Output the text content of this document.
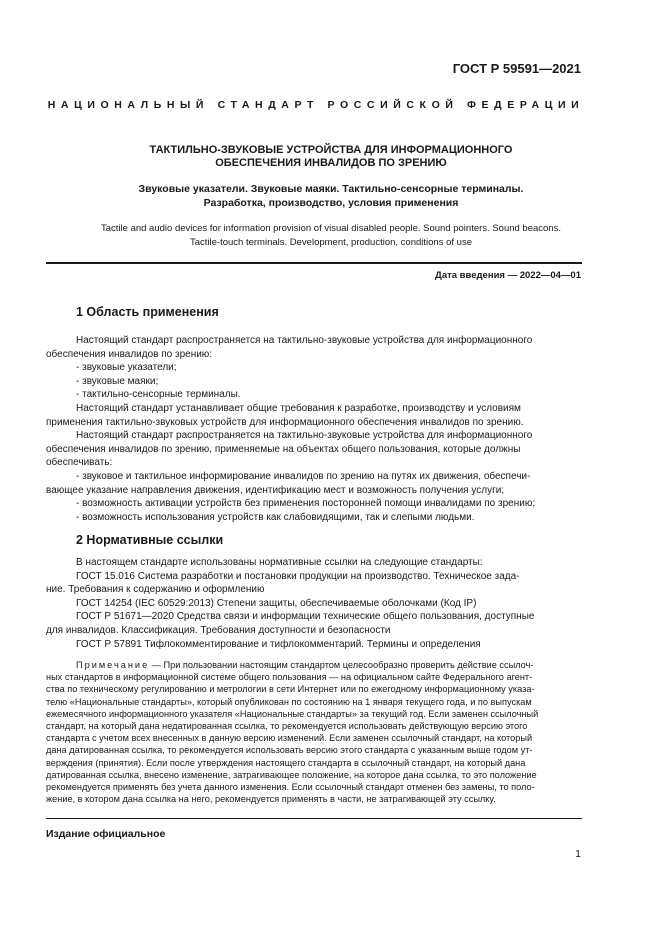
ГОСТ Р 59591—2021
НАЦИОНАЛЬНЫЙ СТАНДАРТ РОССИЙСКОЙ ФЕДЕРАЦИИ
ТАКТИЛЬНО-ЗВУКОВЫЕ УСТРОЙСТВА ДЛЯ ИНФОРМАЦИОННОГО
ОБЕСПЕЧЕНИЯ ИНВАЛИДОВ ПО ЗРЕНИЮ
Звуковые указатели. Звуковые маяки. Тактильно-сенсорные терминалы.
Разработка, производство, условия применения
Tactile and audio devices for information provision of visual disabled people. Sound pointers. Sound beacons.
Tactile-touch terminals. Development, production, conditions of use
Дата введения — 2022—04—01
1 Область применения
Настоящий стандарт распространяется на тактильно-звуковые устройства для информационного
обеспечения инвалидов по зрению:
- звуковые указатели;
- звуковые маяки;
- тактильно-сенсорные терминалы.
Настоящий стандарт устанавливает общие требования к разработке, производству и условиям
применения тактильно-звуковых устройств для информационного обеспечения инвалидов по зрению.
Настоящий стандарт распространяется на тактильно-звуковые устройства для информационного
обеспечения инвалидов по зрению, применяемые на объектах общего пользования, которые должны
обеспечивать:
- звуковое и тактильное информирование инвалидов по зрению на путях их движения, обеспечи-
вающее указание направления движения, идентификацию мест и возможность получения услуги;
- возможность активации устройств без применения посторонней помощи инвалидами по зрению;
- возможность использования устройств как слабовидящими, так и слепыми людьми.
2 Нормативные ссылки
В настоящем стандарте использованы нормативные ссылки на следующие стандарты:
ГОСТ 15.016 Система разработки и постановки продукции на производство. Техническое зада-
ние. Требования к содержанию и оформлению
ГОСТ 14254 (IEC 60529:2013) Степени защиты, обеспечиваемые оболочками (Код IP)
ГОСТ Р 51671—2020 Средства связи и информации технические общего пользования, доступные
для инвалидов. Классификация. Требования доступности и безопасности
ГОСТ Р 57891 Тифлокомментирование и тифлокомментарий. Термины и определения
Примечание — При пользовании настоящим стандартом целесообразно проверить действие ссылоч-
ных стандартов в информационной системе общего пользования — на официальном сайте Федерального агент-
ства по техническому регулированию и метрологии в сети Интернет или по ежегодному информационному указа-
телю «Национальные стандарты», который опубликован по состоянию на 1 января текущего года, и по выпускам
ежемесячного информационного указателя «Национальные стандарты» за текущий год. Если заменен ссылочный
стандарт, на который дана недатированная ссылка, то рекомендуется использовать действующую версию этого
стандарта с учетом всех внесенных в данную версию изменений. Если заменен ссылочный стандарт, на который
дана датированная ссылка, то рекомендуется использовать версию этого стандарта с указанным выше годом ут-
верждения (принятия). Если после утверждения настоящего стандарта в ссылочный стандарт, на который дана
датированная ссылка, внесено изменение, затрагивающее положение, на которое дана ссылка, то это положение
рекомендуется применять без учета данного изменения. Если ссылочный стандарт отменен без замены, то поло-
жение, в котором дана ссылка на него, рекомендуется применять в части, не затрагивающей эту ссылку.
Издание официальное
1
